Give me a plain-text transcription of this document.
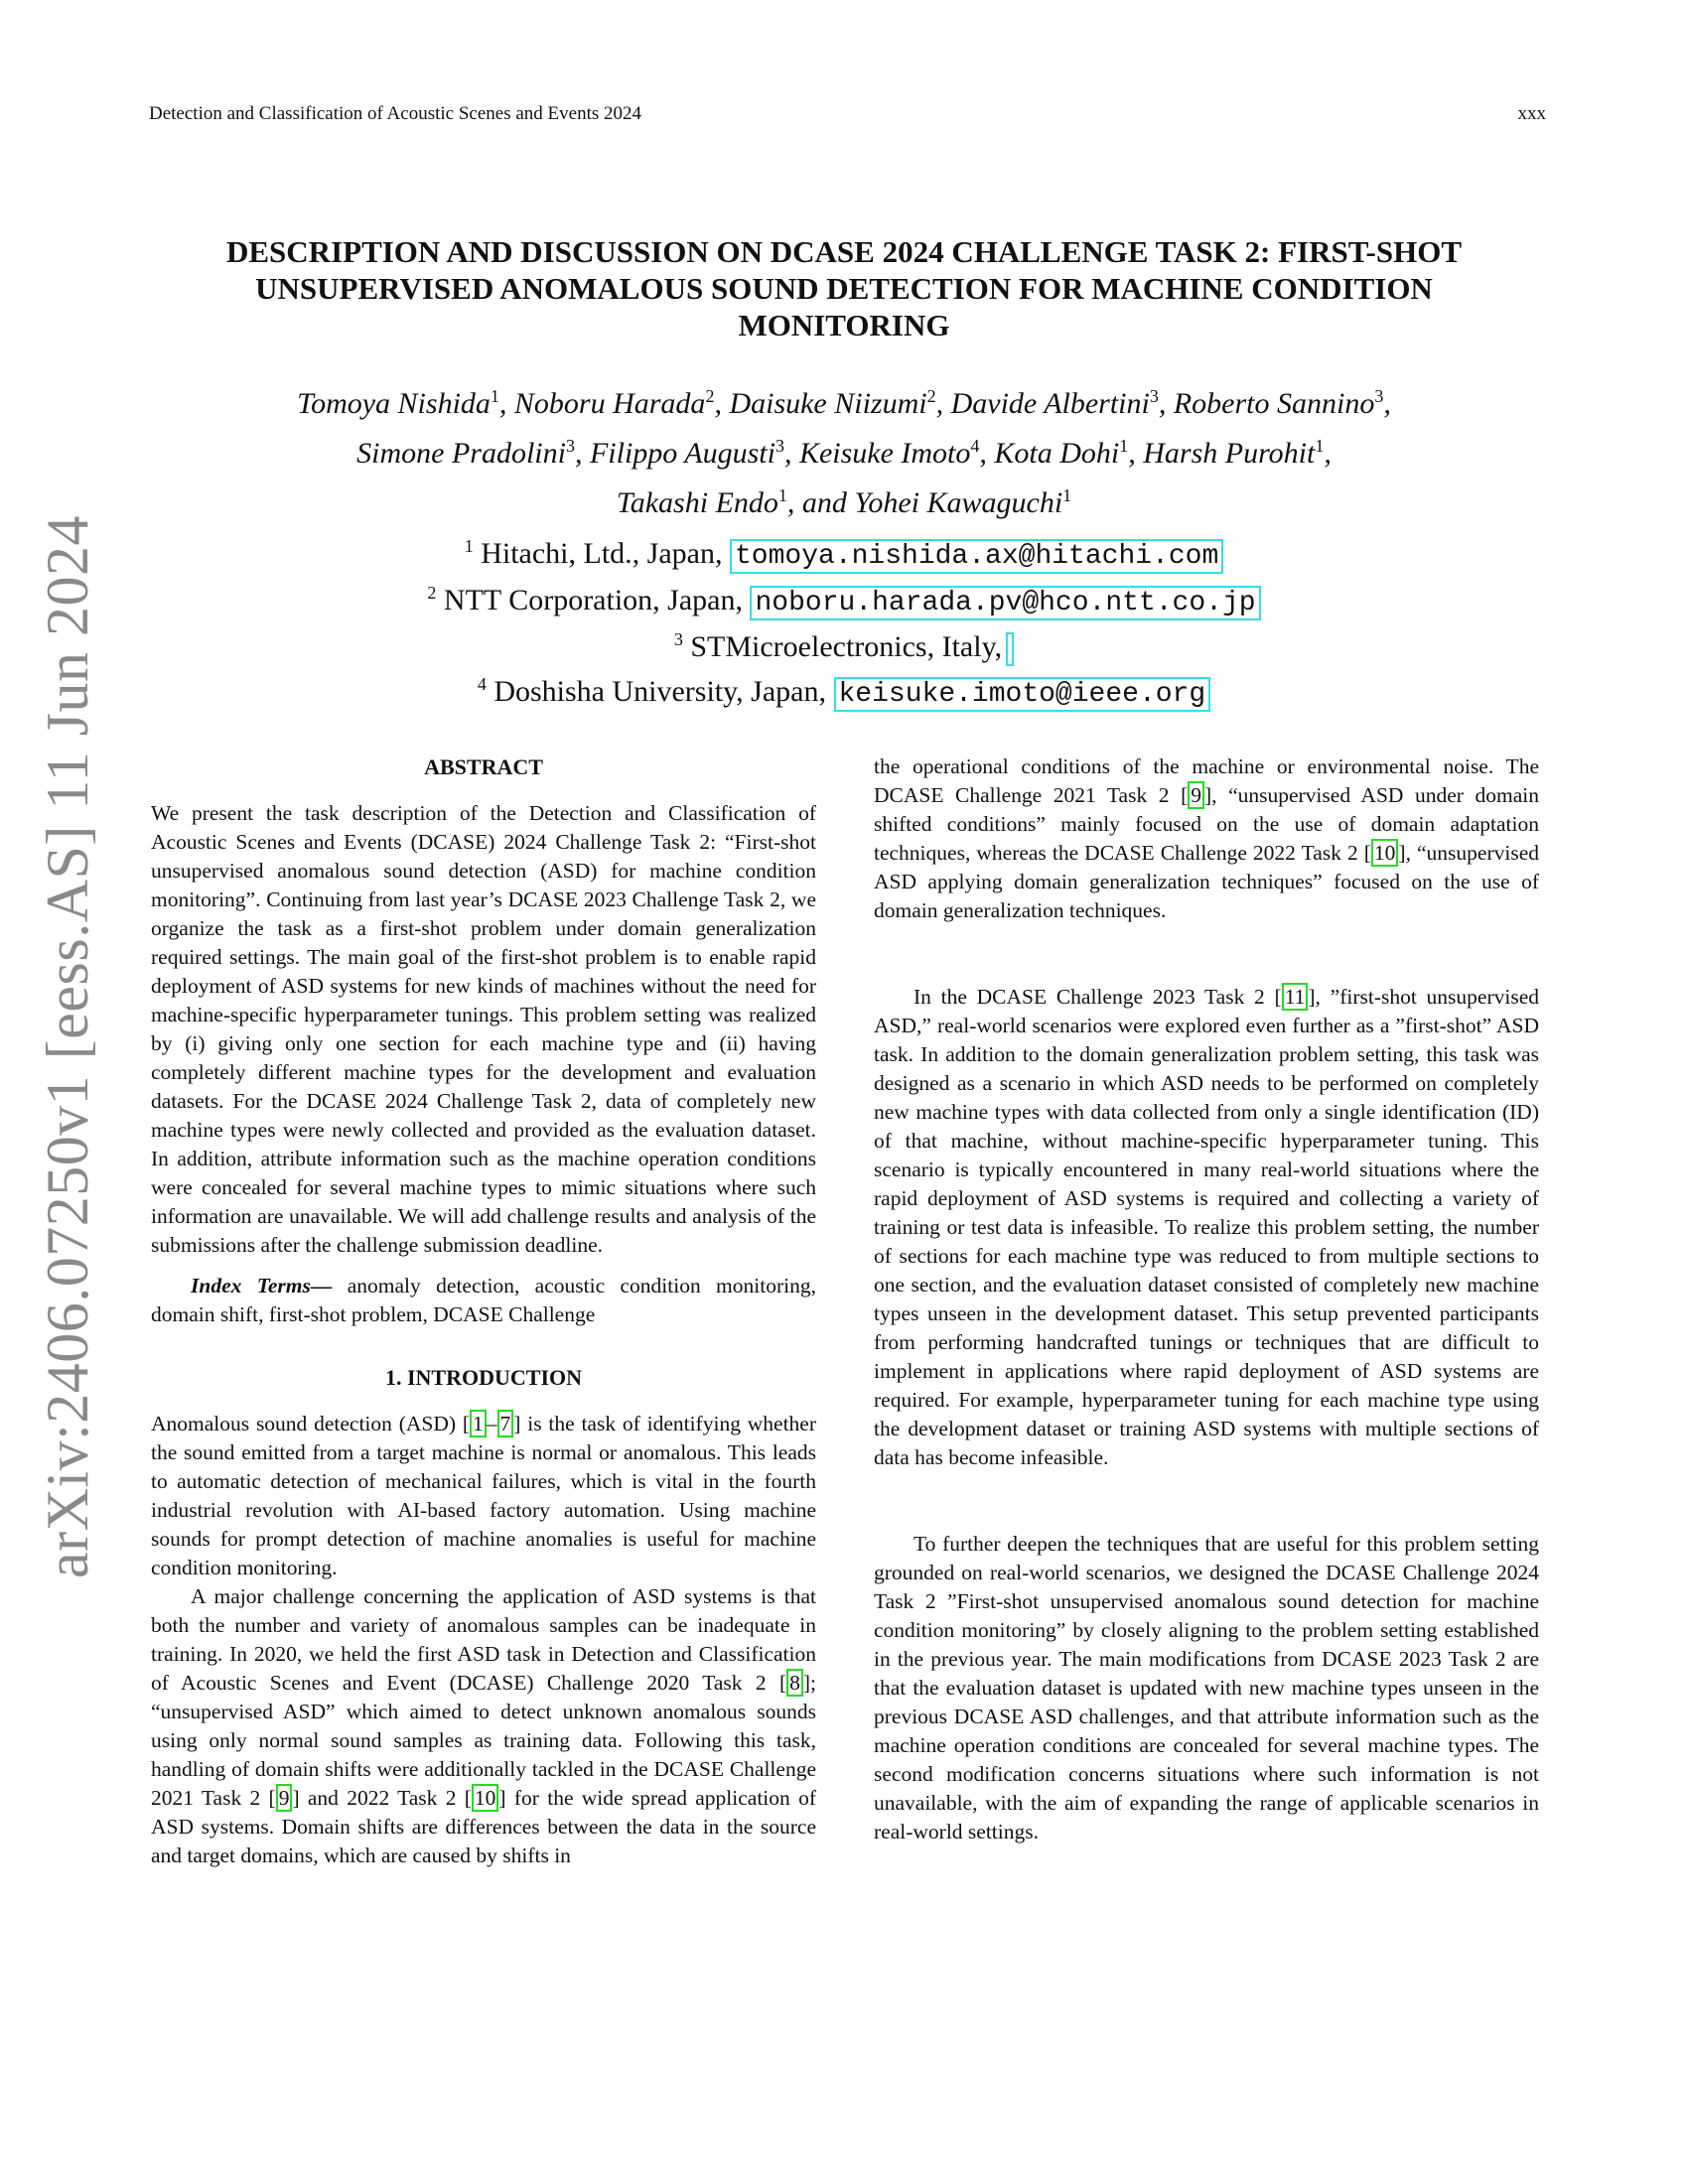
Detection and Classification of Acoustic Scenes and Events 2024	xxx
arXiv:2406.07250v1 [eess.AS] 11 Jun 2024
DESCRIPTION AND DISCUSSION ON DCASE 2024 CHALLENGE TASK 2: FIRST-SHOT UNSUPERVISED ANOMALOUS SOUND DETECTION FOR MACHINE CONDITION MONITORING
Tomoya Nishida$^1$, Noboru Harada$^2$, Daisuke Niizumi$^2$, Davide Albertini$^3$, Roberto Sannino$^3$,
Simone Pradolini$^3$, Filippo Augusti$^3$, Keisuke Imoto$^4$, Kota Dohi$^1$, Harsh Purohit$^1$,
Takashi Endo$^1$, and Yohei Kawaguchi$^1$
$^1$ Hitachi, Ltd., Japan, tomoya.nishida.ax@hitachi.com
$^2$ NTT Corporation, Japan, noboru.harada.pv@hco.ntt.co.jp
$^3$ STMicroelectronics, Italy,
$^4$ Doshisha University, Japan, keisuke.imoto@ieee.org
ABSTRACT

We present the task description of the Detection and Classification of Acoustic Scenes and Events (DCASE) 2024 Challenge Task 2: “First-shot unsupervised anomalous sound detection (ASD) for machine condition monitoring”. Continuing from last year’s DCASE 2023 Challenge Task 2, we organize the task as a first-shot problem under domain generalization required settings. The main goal of the first-shot problem is to enable rapid deployment of ASD systems for new kinds of machines without the need for machine-specific hyperparameter tunings. This problem setting was realized by (i) giving only one section for each machine type and (ii) having completely different machine types for the development and evaluation datasets. For the DCASE 2024 Challenge Task 2, data of completely new machine types were newly collected and provided as the evaluation dataset. In addition, attribute information such as the machine operation conditions were concealed for several machine types to mimic situations where such information are unavailable. We will add challenge results and analysis of the submissions after the challenge submission deadline.

Index Terms— anomaly detection, acoustic condition monitoring, domain shift, first-shot problem, DCASE Challenge

1. INTRODUCTION

Anomalous sound detection (ASD) [ 1 – 7 ] is the task of identifying whether the sound emitted from a target machine is normal or anomalous. This leads to automatic detection of mechanical failures, which is vital in the fourth industrial revolution with AI-based factory automation. Using machine sounds for prompt detection of machine anomalies is useful for machine condition monitoring.

A major challenge concerning the application of ASD systems is that both the number and variety of anomalous samples can be inadequate in training. In 2020, we held the first ASD task in Detection and Classification of Acoustic Scenes and Event (DCASE) Challenge 2020 Task 2 [ 8 ]; “unsupervised ASD” which aimed to detect unknown anomalous sounds using only normal sound samples as training data. Following this task, handling of domain shifts were additionally tackled in the DCASE Challenge 2021 Task 2 [ 9 ] and 2022 Task 2 [ 10 ] for the wide spread application of ASD systems. Domain shifts are differences between the data in the source and target domains, which are caused by shifts in

the operational conditions of the machine or environmental noise. The DCASE Challenge 2021 Task 2 [ 9 ], “unsupervised ASD under domain shifted conditions” mainly focused on the use of domain adaptation techniques, whereas the DCASE Challenge 2022 Task 2 [ 10 ], “unsupervised ASD applying domain generalization techniques” focused on the use of domain generalization techniques.

In the DCASE Challenge 2023 Task 2 [ 11 ], ”first-shot unsupervised ASD,” real-world scenarios were explored even further as a ”first-shot” ASD task. In addition to the domain generalization problem setting, this task was designed as a scenario in which ASD needs to be performed on completely new machine types with data collected from only a single identification (ID) of that machine, without machine-specific hyperparameter tuning. This scenario is typically encountered in many real-world situations where the rapid deployment of ASD systems is required and collecting a variety of training or test data is infeasible. To realize this problem setting, the number of sections for each machine type was reduced to from multiple sections to one section, and the evaluation dataset consisted of completely new machine types unseen in the development dataset. This setup prevented participants from performing handcrafted tunings or techniques that are difficult to implement in applications where rapid deployment of ASD systems are required. For example, hyperparameter tuning for each machine type using the development dataset or training ASD systems with multiple sections of data has become infeasible.

To further deepen the techniques that are useful for this problem setting grounded on real-world scenarios, we designed the DCASE Challenge 2024 Task 2 ”First-shot unsupervised anomalous sound detection for machine condition monitoring” by closely aligning to the problem setting established in the previous year. The main modifications from DCASE 2023 Task 2 are that the evaluation dataset is updated with new machine types unseen in the previous DCASE ASD challenges, and that attribute information such as the machine operation conditions are concealed for several machine types. The second modification concerns situations where such information is not unavailable, with the aim of expanding the range of applicable scenarios in real-world settings.
